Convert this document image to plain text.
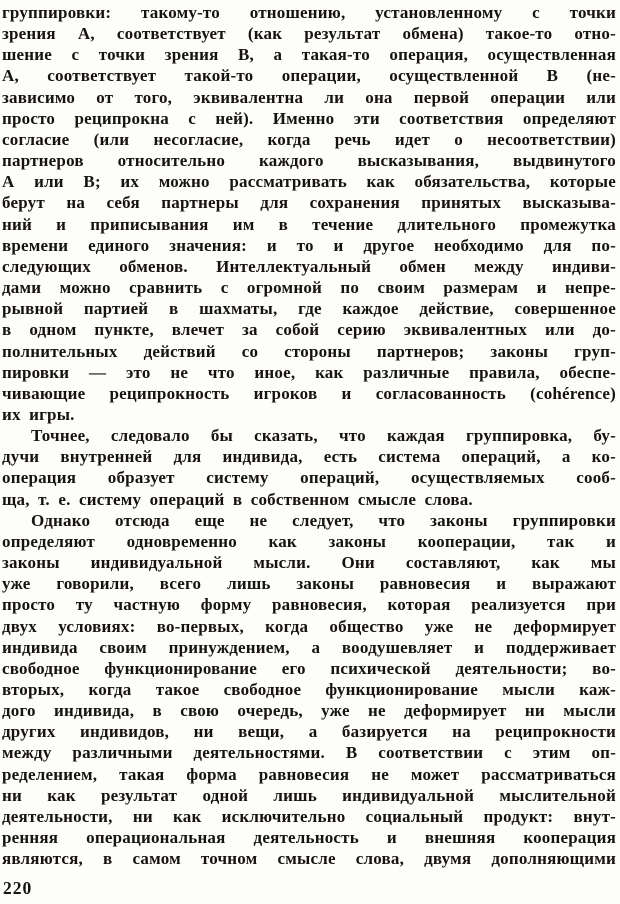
группировки: такому-то отношению, установленному с точки
зрения А, соответствует (как результат обмена) такое-то отно-
шение с точки зрения В, а такая-то операция, осуществленная
А, соответствует такой-то операции, осуществленной В (не-
зависимо от того, эквивалентна ли она первой операции или
просто реципрокна с ней). Именно эти соответствия определяют
согласие (или несогласие, когда речь идет о несоответствии)
партнеров относительно каждого высказывания, выдвинутого
А или В; их можно рассматривать как обязательства, которые
берут на себя партнеры для сохранения принятых высказыва-
ний и приписывания им в течение длительного промежутка
времени единого значения: и то и другое необходимо для по-
следующих обменов. Интеллектуальный обмен между индиви-
дами можно сравнить с огромной по своим размерам и непре-
рывной партией в шахматы, где каждое действие, совершенное
в одном пункте, влечет за собой серию эквивалентных или до-
полнительных действий со стороны партнеров; законы груп-
пировки — это не что иное, как различные правила, обеспе-
чивающие реципрокность игроков и согласованность (cohérence)
их игры.
Точнее, следовало бы сказать, что каждая группировка, бу-
дучи внутренней для индивида, есть система операций, а ко-
операция образует систему операций, осуществляемых сооб-
ща, т. е. систему операций в собственном смысле слова.
Однако отсюда еще не следует, что законы группировки
определяют одновременно как законы кооперации, так и
законы индивидуальной мысли. Они составляют, как мы
уже говорили, всего лишь законы равновесия и выражают
просто ту частную форму равновесия, которая реализуется при
двух условиях: во-первых, когда общество уже не деформирует
индивида своим принуждением, а воодушевляет и поддерживает
свободное функционирование его психической деятельности; во-
вторых, когда такое свободное функционирование мысли каж-
дого индивида, в свою очередь, уже не деформирует ни мысли
других индивидов, ни вещи, а базируется на реципрокности
между различными деятельностями. В соответствии с этим оп-
ределением, такая форма равновесия не может рассматриваться
ни как результат одной лишь индивидуальной мыслительной
деятельности, ни как исключительно социальный продукт: внут-
ренняя операциональная деятельность и внешняя кооперация
являются, в самом точном смысле слова, двумя дополняющими
220
